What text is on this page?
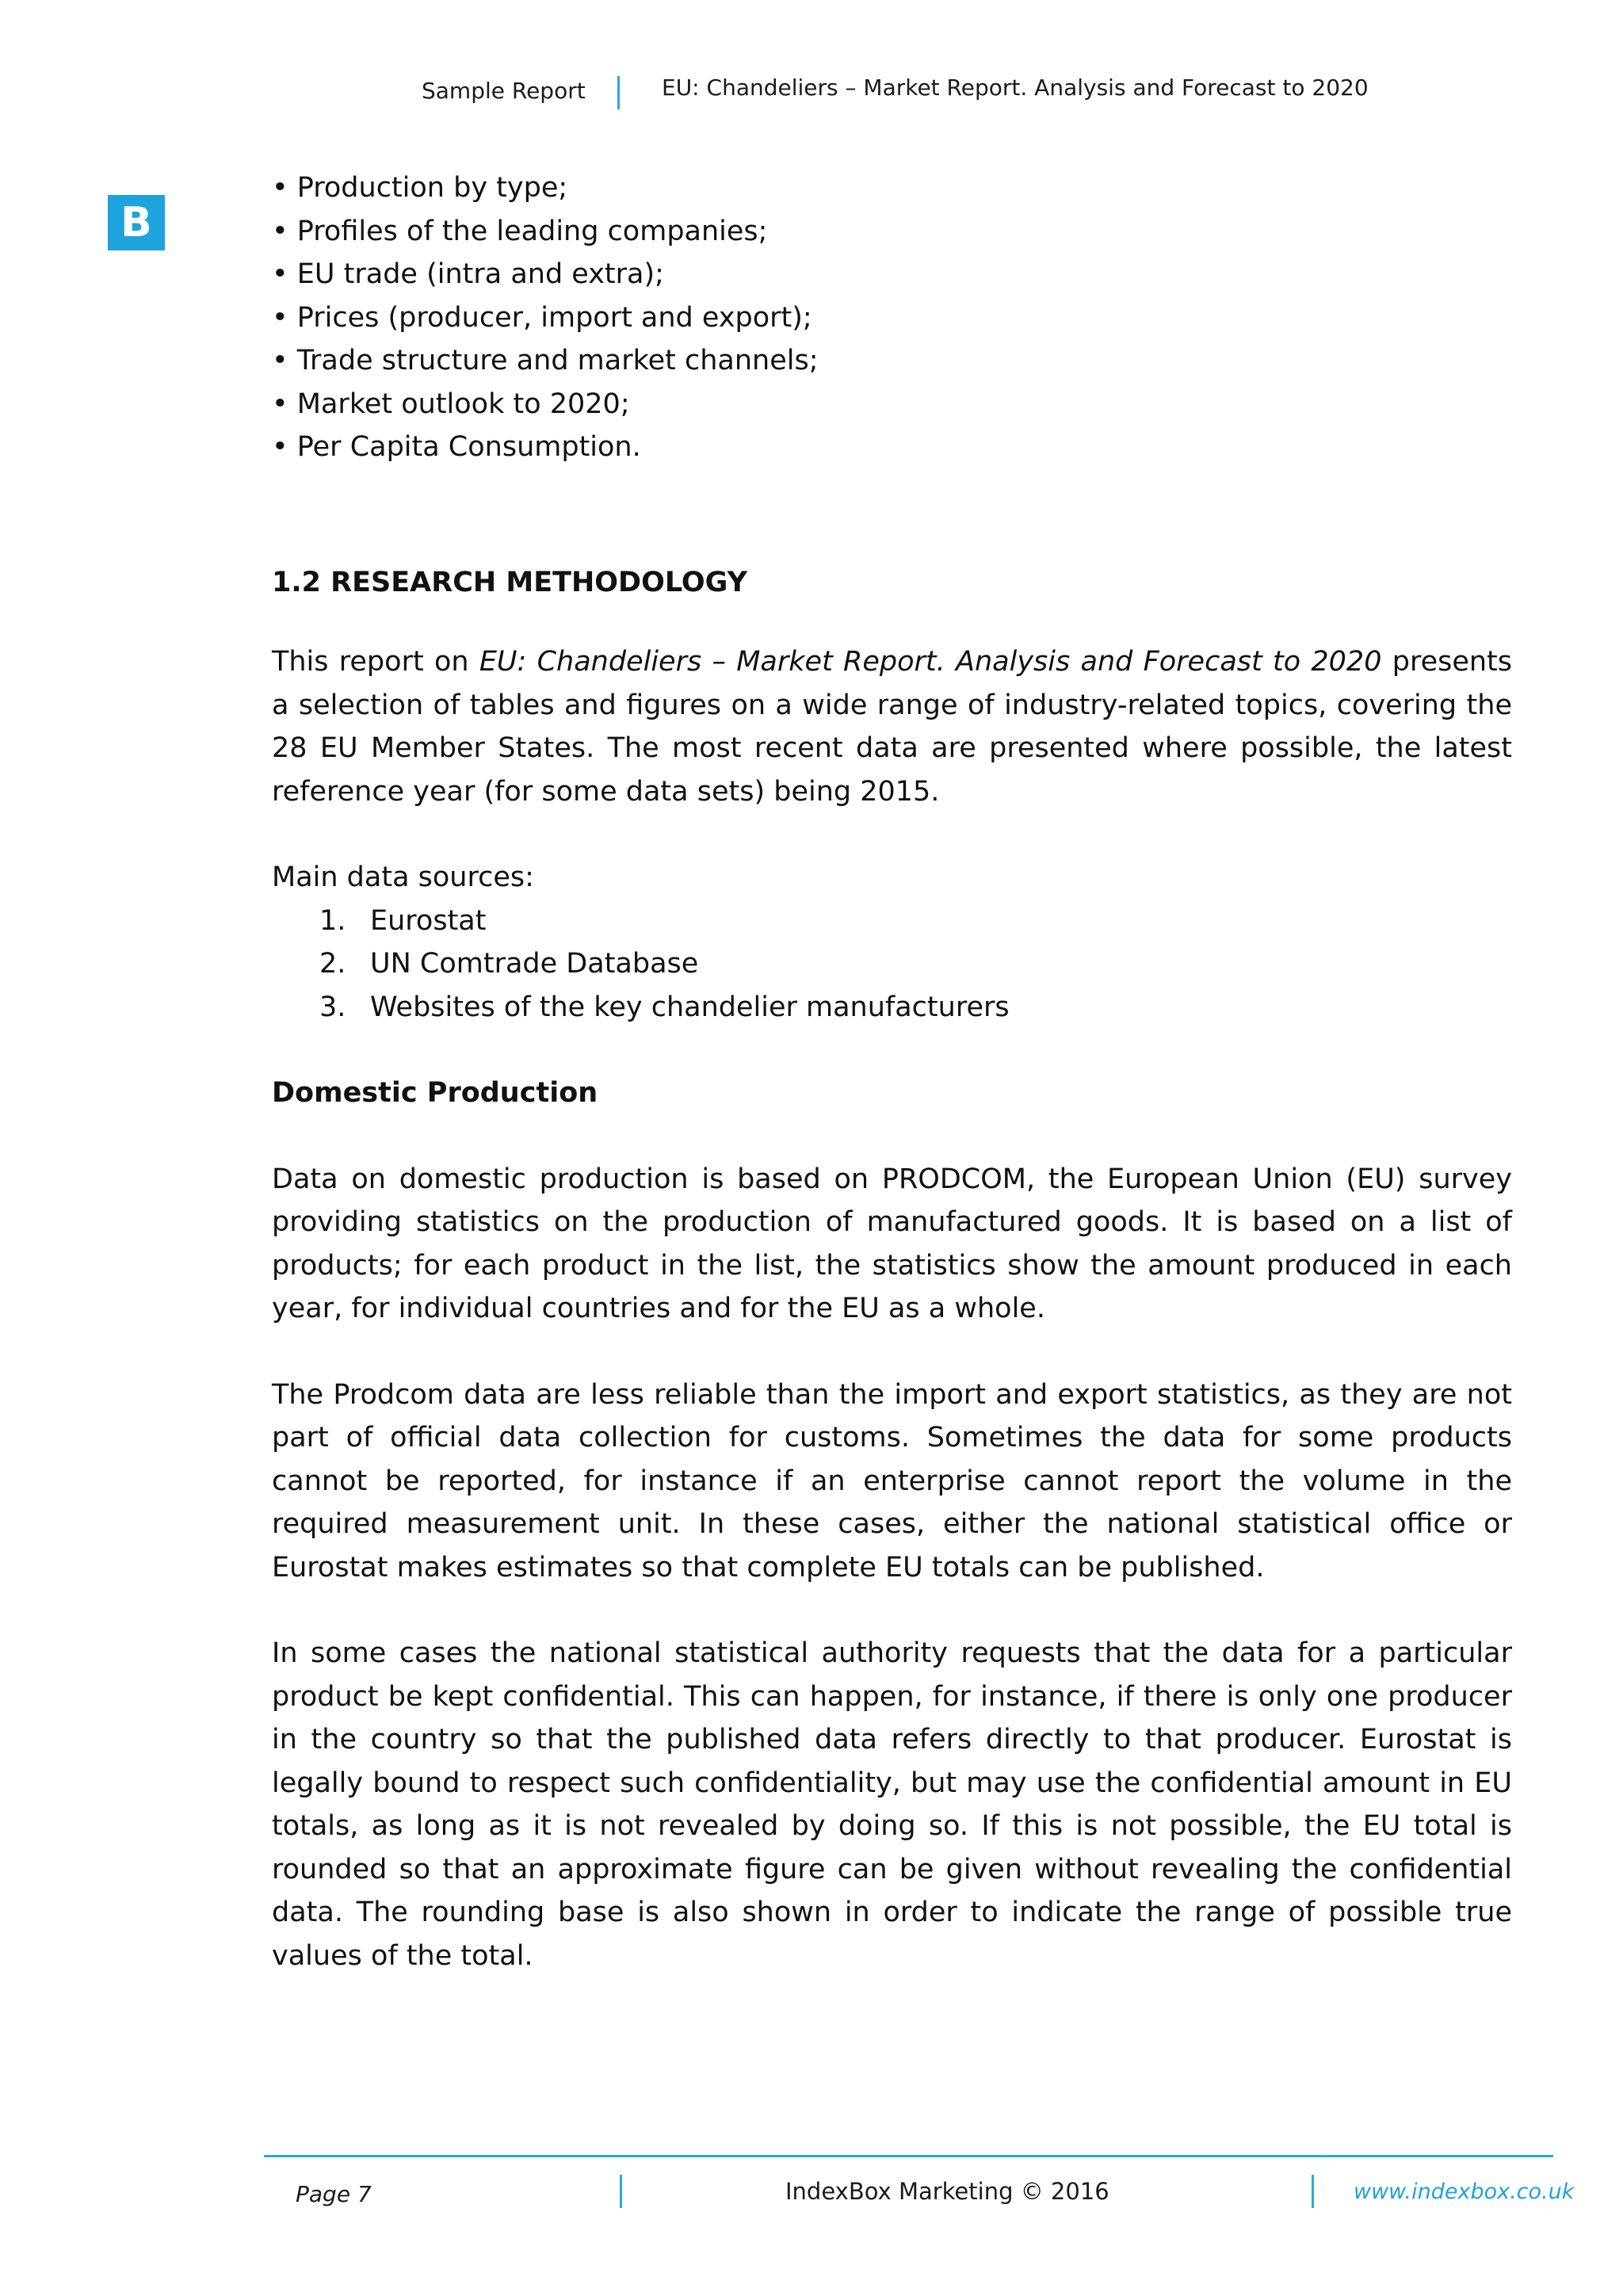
Sample Report	EU: Chandeliers – Market Report. Analysis and Forecast to 2020
B
• Production by type;
• Profiles of the leading companies;
• EU trade (intra and extra);
• Prices (producer, import and export);
• Trade structure and market channels;
• Market outlook to 2020;
• Per Capita Consumption.
1.2 RESEARCH METHODOLOGY

This report on EU: Chandeliers – Market Report. Analysis and Forecast to 2020 presents a selection of tables and figures on a wide range of industry-related topics, covering the 28 EU Member States. The most recent data are presented where possible, the latest reference year (for some data sets) being 2015.

Main data sources:

1. Eurostat
2. UN Comtrade Database
3. Websites of the key chandelier manufacturers

Domestic Production

Data on domestic production is based on PRODCOM, the European Union (EU) survey providing statistics on the production of manufactured goods. It is based on a list of products; for each product in the list, the statistics show the amount produced in each year, for individual countries and for the EU as a whole.

The Prodcom data are less reliable than the import and export statistics, as they are not part of official data collection for customs. Sometimes the data for some products cannot be reported, for instance if an enterprise cannot report the volume in the required measurement unit. In these cases, either the national statistical office or Eurostat makes estimates so that complete EU totals can be published.

In some cases the national statistical authority requests that the data for a particular product be kept confidential. This can happen, for instance, if there is only one producer in the country so that the published data refers directly to that producer. Eurostat is legally bound to respect such confidentiality, but may use the confidential amount in EU totals, as long as it is not revealed by doing so. If this is not possible, the EU total is rounded so that an approximate figure can be given without revealing the confidential data. The rounding base is also shown in order to indicate the range of possible true values of the total.

Page 7	IndexBox Marketing © 2016	www.indexbox.co.uk
